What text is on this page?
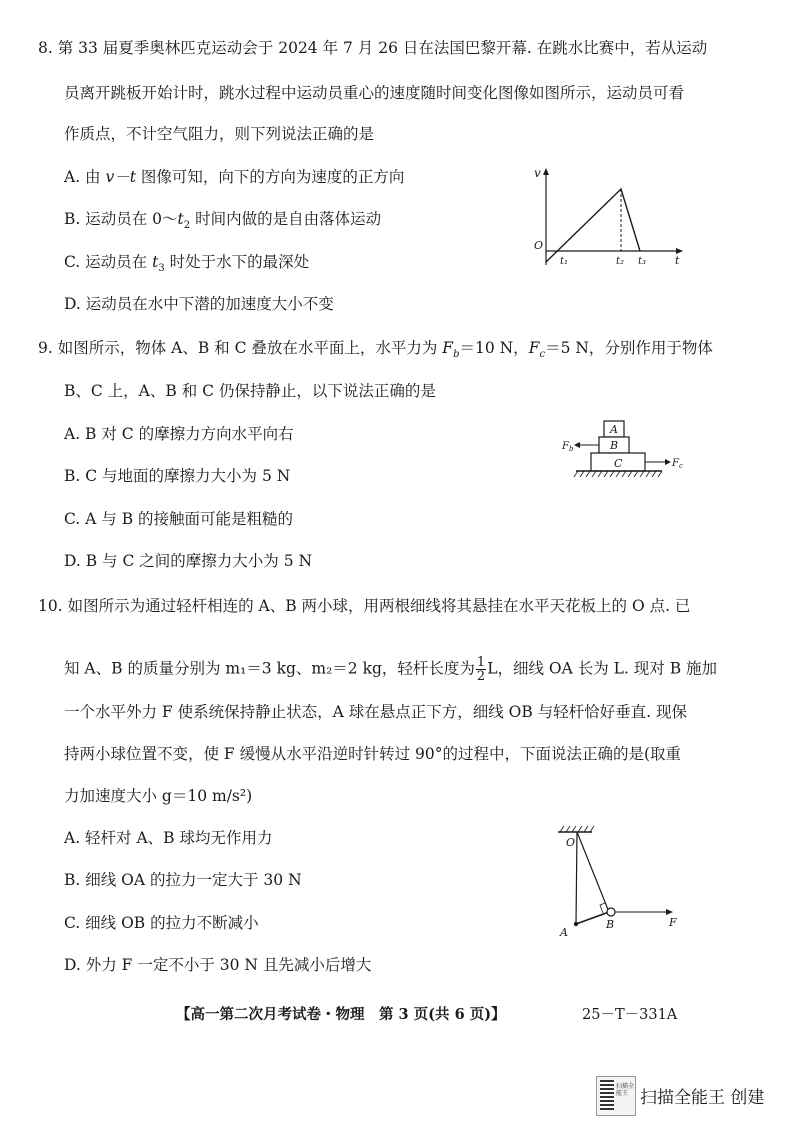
8. 第 33 届夏季奥林匹克运动会于 2024 年 7 月 26 日在法国巴黎开幕. 在跳水比赛中，若从运动
员离开跳板开始计时，跳水过程中运动员重心的速度随时间变化图像如图所示，运动员可看
作质点，不计空气阻力，则下列说法正确的是
A. 由 v－t 图像可知，向下的方向为速度的正方向
B. 运动员在 $0\sim t_2$ 时间内做的是自由落体运动
C. 运动员在 $t_3$ 时处于水下的最深处
D. 运动员在水中下潜的加速度大小不变
v
O
t₁	t₂ t₃	t
9. 如图所示，物体 A、B 和 C 叠放在水平面上，水平力为 $F_b=10$ N，$F_c=5$ N，分别作用于物体
B、C 上，A、B 和 C 仍保持静止，以下说法正确的是
A. B 对 C 的摩擦力方向水平向右
B. C 与地面的摩擦力大小为 5 N
C. A 与 B 的接触面可能是粗糙的
D. B 与 C 之间的摩擦力大小为 5 N
A
B
C
$F_b$
$F_c$
10. 如图所示为通过轻杆相连的 A、B 两小球，用两根细线将其悬挂在水平天花板上的 O 点. 已
知 A、B 的质量分别为 m₁＝3 kg、m₂＝2 kg，轻杆长度为 $\frac{1}{2}$ L，细线 OA 长为 L. 现对 B 施加
一个水平外力 F 使系统保持静止状态，A 球在悬点正下方，细线 OB 与轻杆恰好垂直. 现保
持两小球位置不变，使 F 缓慢从水平沿逆时针转过 90°的过程中，下面说法正确的是(取重
力加速度大小 g＝10 m/s²)
A. 轻杆对 A、B 球均无作用力
B. 细线 OA 的拉力一定大于 30 N
C. 细线 OB 的拉力不断减小
D. 外力 F 一定不小于 30 N 且先减小后增大
O
A
B	F
【高一第二次月考试卷・物理　第 3 页(共 6 页)】	25－T－331A
扫描全能王 扫描全能王 创建
